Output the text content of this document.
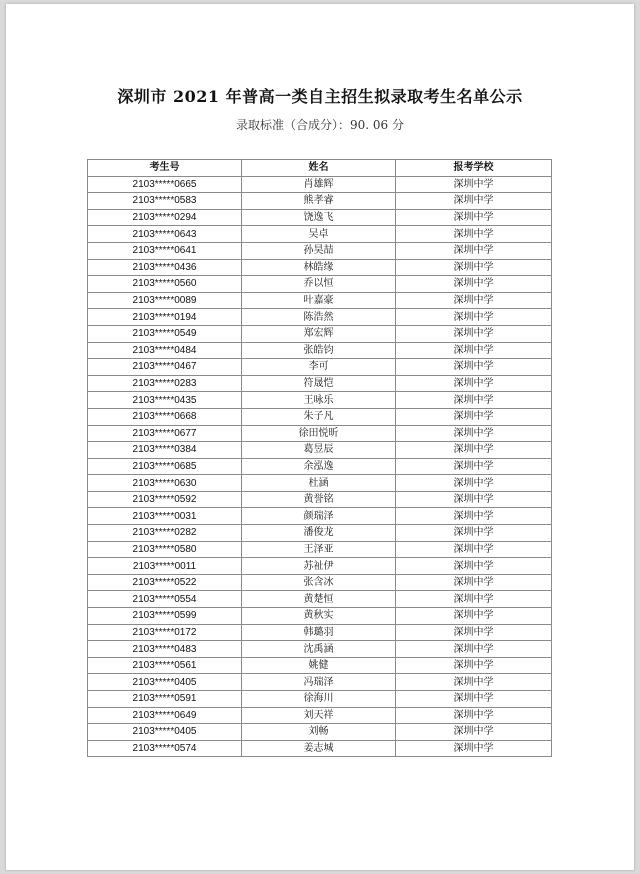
深圳市 2021 年普高一类自主招生拟录取考生名单公示
录取标准（合成分）：90. 06 分
考生号	姓名	报考学校
2103*****0665	肖雄辉	深圳中学
2103*****0583	熊孝睿	深圳中学
2103*****0294	饶逸飞	深圳中学
2103*****0643	吴卓	深圳中学
2103*****0641	孙昊喆	深圳中学
2103*****0436	林皓缘	深圳中学
2103*****0560	乔以恒	深圳中学
2103*****0089	叶嘉豪	深圳中学
2103*****0194	陈浩然	深圳中学
2103*****0549	郑宏辉	深圳中学
2103*****0484	张皓钧	深圳中学
2103*****0467	李可	深圳中学
2103*****0283	符晟恺	深圳中学
2103*****0435	王咏乐	深圳中学
2103*****0668	朱子凡	深圳中学
2103*****0677	徐田悦昕	深圳中学
2103*****0384	葛昱辰	深圳中学
2103*****0685	余泓逸	深圳中学
2103*****0630	杜涵	深圳中学
2103*****0592	黄誉铭	深圳中学
2103*****0031	颜瑞泽	深圳中学
2103*****0282	潘俊龙	深圳中学
2103*****0580	王泽亚	深圳中学
2103*****0011	苏祉伊	深圳中学
2103*****0522	张含冰	深圳中学
2103*****0554	黄楚恒	深圳中学
2103*****0599	黄秋实	深圳中学
2103*****0172	韩璐羽	深圳中学
2103*****0483	沈禹涵	深圳中学
2103*****0561	姚健	深圳中学
2103*****0405	冯瑞泽	深圳中学
2103*****0591	徐海川	深圳中学
2103*****0649	刘天祥	深圳中学
2103*****0405	刘畅	深圳中学
2103*****0574	姜志城	深圳中学
